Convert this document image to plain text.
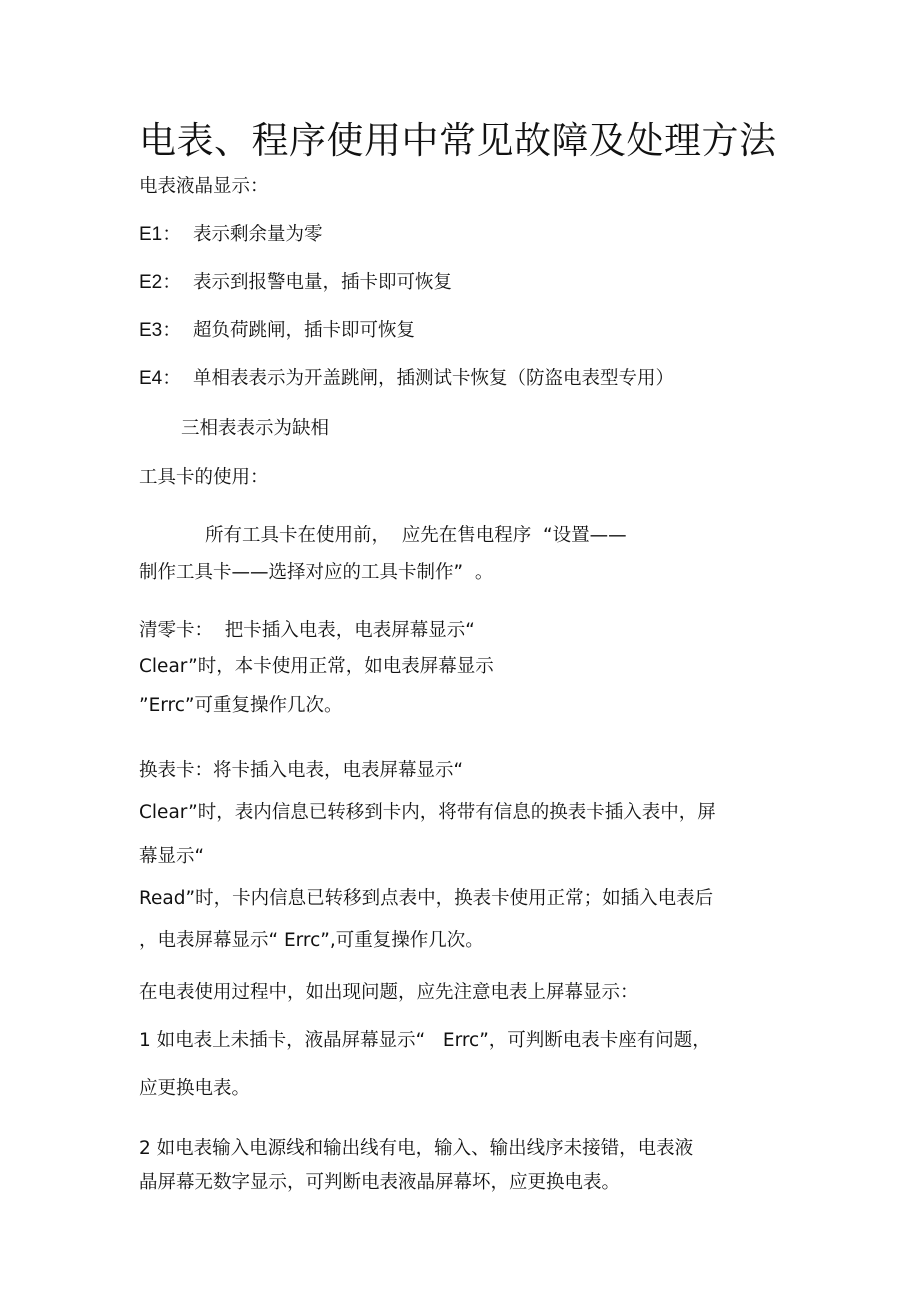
电表、程序使用中常见故障及处理方法
电表液晶显示：
E1： 表示剩余量为零
E2： 表示到报警电量，插卡即可恢复
E3： 超负荷跳闸，插卡即可恢复
E4： 单相表表示为开盖跳闸，插测试卡恢复（防盗电表型专用）
三相表表示为缺相
工具卡的使用：
所有工具卡在使用前，  应先在售电程序  “设置——
制作工具卡——选择对应的工具卡制作”  。
清零卡：  把卡插入电表，电表屏幕显示“
Clear”时，本卡使用正常，如电表屏幕显示
”Errc”可重复操作几次。
换表卡：将卡插入电表，电表屏幕显示“
Clear”时，表内信息已转移到卡内，将带有信息的换表卡插入表中，屏
幕显示“
Read”时，卡内信息已转移到点表中，换表卡使用正常；如插入电表后
，电表屏幕显示“ Errc”,可重复操作几次。
在电表使用过程中，如出现问题，应先注意电表上屏幕显示：
1 如电表上未插卡，液晶屏幕显示“   Errc”，可判断电表卡座有问题，
应更换电表。
2 如电表输入电源线和输出线有电，输入、输出线序未接错，电表液
晶屏幕无数字显示，可判断电表液晶屏幕坏，应更换电表。
